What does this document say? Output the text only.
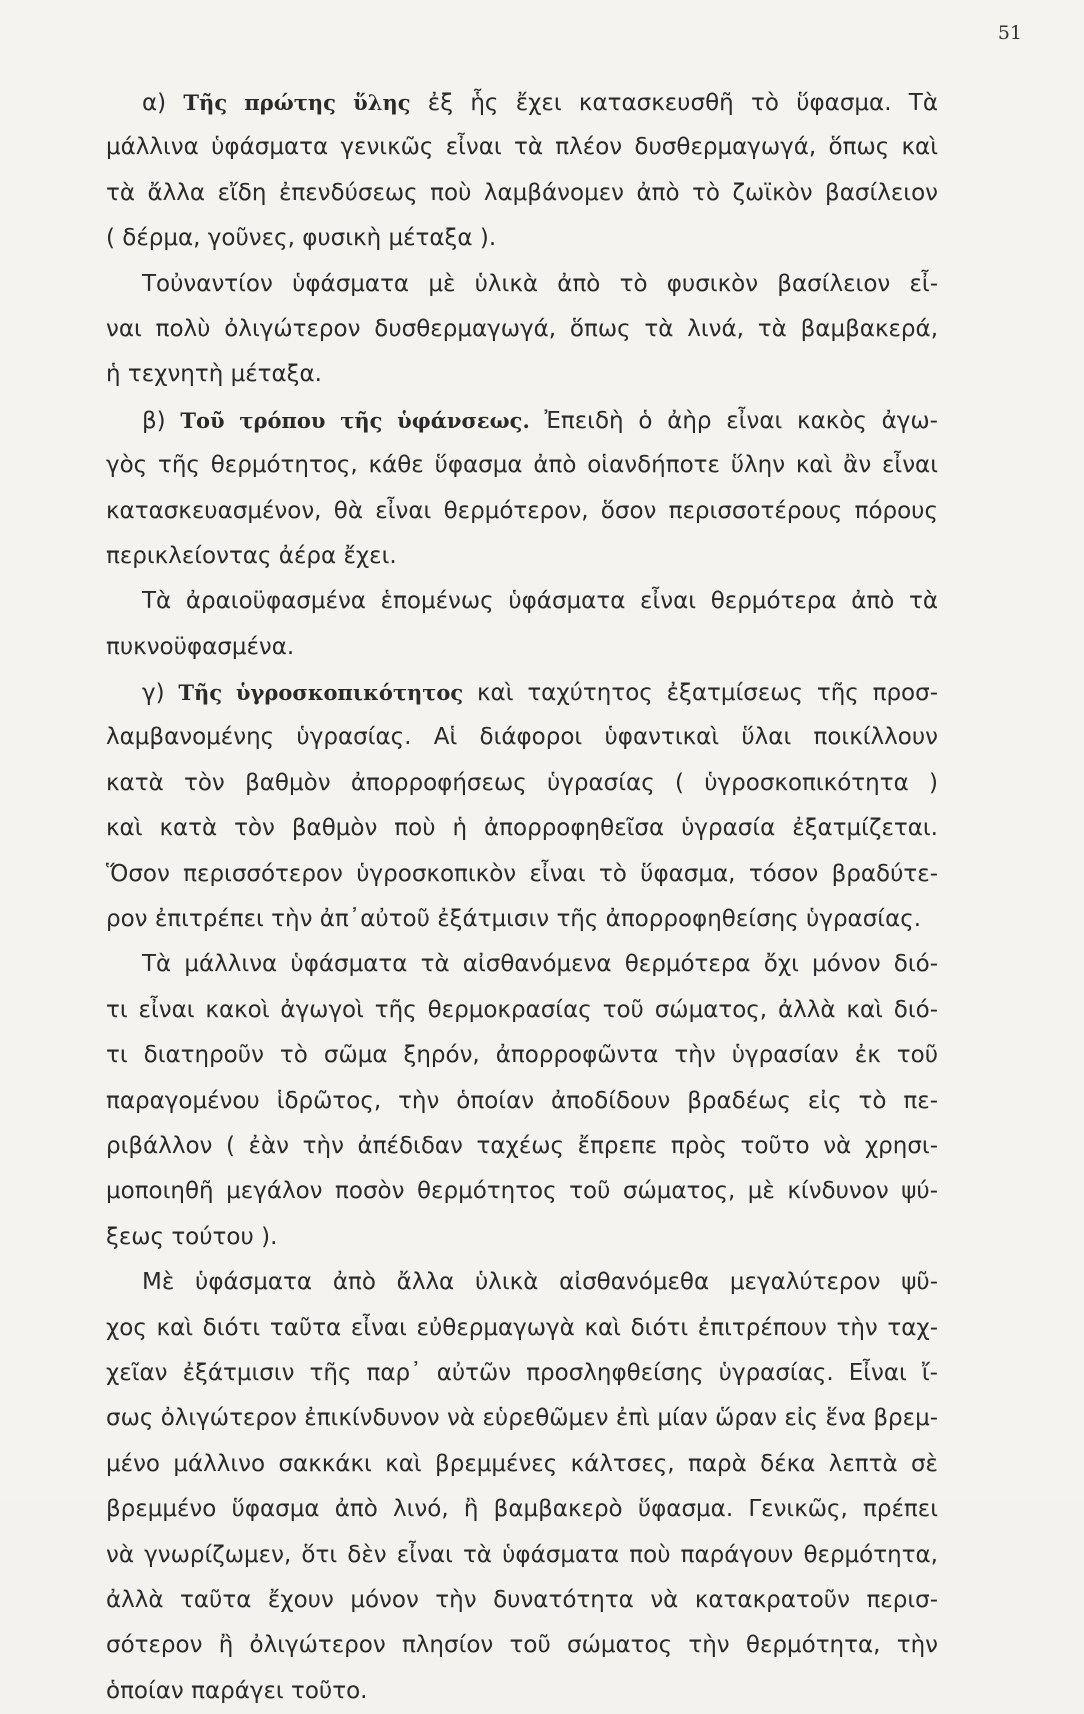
51
α) Τῆς πρώτης ὕλης ἐξ ἧς ἔχει κατασκευσθῆ τὸ ὕφασμα. Τὰ
μάλλινα ὑφάσματα γενικῶς εἶναι τὰ πλέον δυσθερμαγωγά, ὅπως καὶ
τὰ ἄλλα εἴδη ἐπενδύσεως ποὺ λαμβάνομεν ἀπὸ τὸ ζωϊκὸν βασίλειον
( δέρμα, γοῦνες, φυσικὴ μέταξα ).
Τοὐναντίον ὑφάσματα μὲ ὑλικὰ ἀπὸ τὸ φυσικὸν βασίλειον εἶ-
ναι πολὺ ὀλιγώτερον δυσθερμαγωγά, ὅπως τὰ λινά, τὰ βαμβακερά,
ἡ τεχνητὴ μέταξα.
β) Τοῦ τρόπου τῆς ὑφάνσεως. Ἐπειδὴ ὁ ἀὴρ εἶναι κακὸς ἀγω-
γὸς τῆς θερμότητος, κάθε ὕφασμα ἀπὸ οἱανδήποτε ὕλην καὶ ἂν εἶναι
κατασκευασμένον, θὰ εἶναι θερμότερον, ὅσον περισσοτέρους πόρους
περικλείοντας ἀέρα ἔχει.
Τὰ ἀραιοϋφασμένα ἑπομένως ὑφάσματα εἶναι θερμότερα ἀπὸ τὰ
πυκνοϋφασμένα.
γ) Τῆς ὑγροσκοπικότητος καὶ ταχύτητος ἐξατμίσεως τῆς προσ-
λαμβανομένης ὑγρασίας. Αἱ διάφοροι ὑφαντικαὶ ὕλαι ποικίλλουν
κατὰ τὸν βαθμὸν ἀπορροφήσεως ὑγρασίας ( ὑγροσκοπικότητα )
καὶ κατὰ τὸν βαθμὸν ποὺ ἡ ἀπορροφηθεῖσα ὑγρασία ἐξατμίζεται.
Ὅσον περισσότερον ὑγροσκοπικὸν εἶναι τὸ ὕφασμα, τόσον βραδύτε-
ρον ἐπιτρέπει τὴν ἀπ᾽αὐτοῦ ἐξάτμισιν τῆς ἀπορροφηθείσης ὑγρασίας.
Τὰ μάλλινα ὑφάσματα τὰ αἰσθανόμενα θερμότερα ὄχι μόνον διό-
τι εἶναι κακοὶ ἀγωγοὶ τῆς θερμοκρασίας τοῦ σώματος, ἀλλὰ καὶ διό-
τι διατηροῦν τὸ σῶμα ξηρόν, ἀπορροφῶντα τὴν ὑγρασίαν ἐκ τοῦ
παραγομένου ἱδρῶτος, τὴν ὁποίαν ἀποδίδουν βραδέως εἰς τὸ πε-
ριβάλλον ( ἐὰν τὴν ἀπέδιδαν ταχέως ἔπρεπε πρὸς τοῦτο νὰ χρησι-
μοποιηθῆ μεγάλον ποσὸν θερμότητος τοῦ σώματος, μὲ κίνδυνον ψύ-
ξεως τούτου ).
Μὲ ὑφάσματα ἀπὸ ἄλλα ὑλικὰ αἰσθανόμεθα μεγαλύτερον ψῦ-
χος καὶ διότι ταῦτα εἶναι εὐθερμαγωγὰ καὶ διότι ἐπιτρέπουν τὴν ταχ-
χεῖαν ἐξάτμισιν τῆς παρ᾽ αὐτῶν προσληφθείσης ὑγρασίας. Εἶναι ἴ-
σως ὀλιγώτερον ἐπικίνδυνον νὰ εὑρεθῶμεν ἐπὶ μίαν ὥραν εἰς ἕνα βρεμ-
μένο μάλλινο σακκάκι καὶ βρεμμένες κάλτσες, παρὰ δέκα λεπτὰ σὲ
βρεμμένο ὕφασμα ἀπὸ λινό, ἢ βαμβακερὸ ὕφασμα. Γενικῶς, πρέπει
νὰ γνωρίζωμεν, ὅτι δὲν εἶναι τὰ ὑφάσματα ποὺ παράγουν θερμότητα,
ἀλλὰ ταῦτα ἔχουν μόνον τὴν δυνατότητα νὰ κατακρατοῦν περισ-
σότερον ἢ ὀλιγώτερον πλησίον τοῦ σώματος τὴν θερμότητα, τὴν
ὁποίαν παράγει τοῦτο.
